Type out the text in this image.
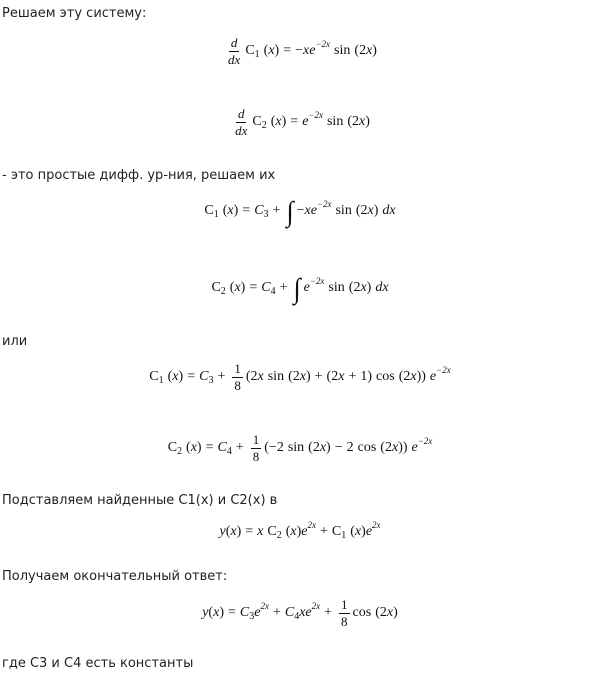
Решаем эту систему:
$\frac{d}{dx}$ C 1 ( x ) = − x e −2x sin ( 2 x )
$\frac{d}{dx}$ C 2 ( x ) = e −2x sin ( 2 x )
- это простые дифф. ур-ния, решаем их
C 1 ( x ) = C 3 + ∫ − x e −2x sin ( 2 x ) dx
C 2 ( x ) = C 4 + ∫ e −2x sin ( 2 x ) dx
или
C 1 ( x ) = C $3 + \frac{1}{8}$ ( 2 x sin ( 2 x ) + ( 2 x + 1 ) cos ( 2 x )) e −2x
C 2 ( x ) = C $4 + \frac{1}{8}$ (− 2 sin ( 2 x ) − 2 cos ( 2 x )) e −2x
Подставляем найденные C1(x) и C2(x) в
y ( x ) = x C 2 ( x ) e 2x + C 1 ( x ) e 2x
Получаем окончательный ответ:
y ( x ) = C 3 e 2x + C 4 x e $2x + \frac{1}{8}$ cos ( 2 x )
где C3 и C4 есть константы
